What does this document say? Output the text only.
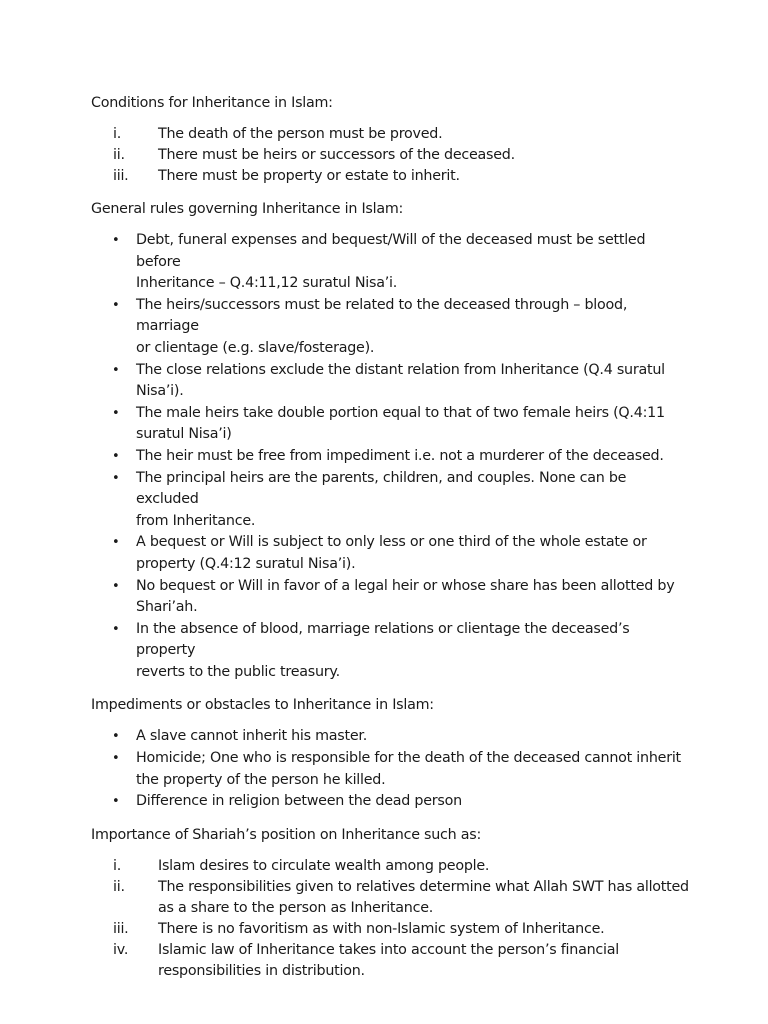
Conditions for Inheritance in Islam:

i.	The death of the person must be proved.
ii. There must be heirs or successors of the deceased.
iii. There must be property or estate to inherit.

General rules governing Inheritance in Islam:

• Debt, funeral expenses and bequest/Will of the deceased must be settled before
Inheritance – Q.4:11,12 suratul Nisa’i.
• The heirs/successors must be related to the deceased through – blood, marriage
or clientage (e.g. slave/fosterage).
• The close relations exclude the distant relation from Inheritance (Q.4 suratul
Nisa’i).
• The male heirs take double portion equal to that of two female heirs (Q.4:11
suratul Nisa’i)
• The heir must be free from impediment i.e. not a murderer of the deceased.
• The principal heirs are the parents, children, and couples. None can be excluded
from Inheritance.
• A bequest or Will is subject to only less or one third of the whole estate or
property (Q.4:12 suratul Nisa’i).
• No bequest or Will in favor of a legal heir or whose share has been allotted by
Shari’ah.
• In the absence of blood, marriage relations or clientage the deceased’s property
reverts to the public treasury.

Impediments or obstacles to Inheritance in Islam:

• A slave cannot inherit his master.
• Homicide; One who is responsible for the death of the deceased cannot inherit
the property of the person he killed.
• Difference in religion between the dead person

Importance of Shariah’s position on Inheritance such as:

i.	Islam desires to circulate wealth among people.
ii. The responsibilities given to relatives determine what Allah SWT has allotted
as a share to the person as Inheritance.
iii. There is no favoritism as with non-Islamic system of Inheritance.
iv. Islamic law of Inheritance takes into account the person’s financial
responsibilities in distribution.
